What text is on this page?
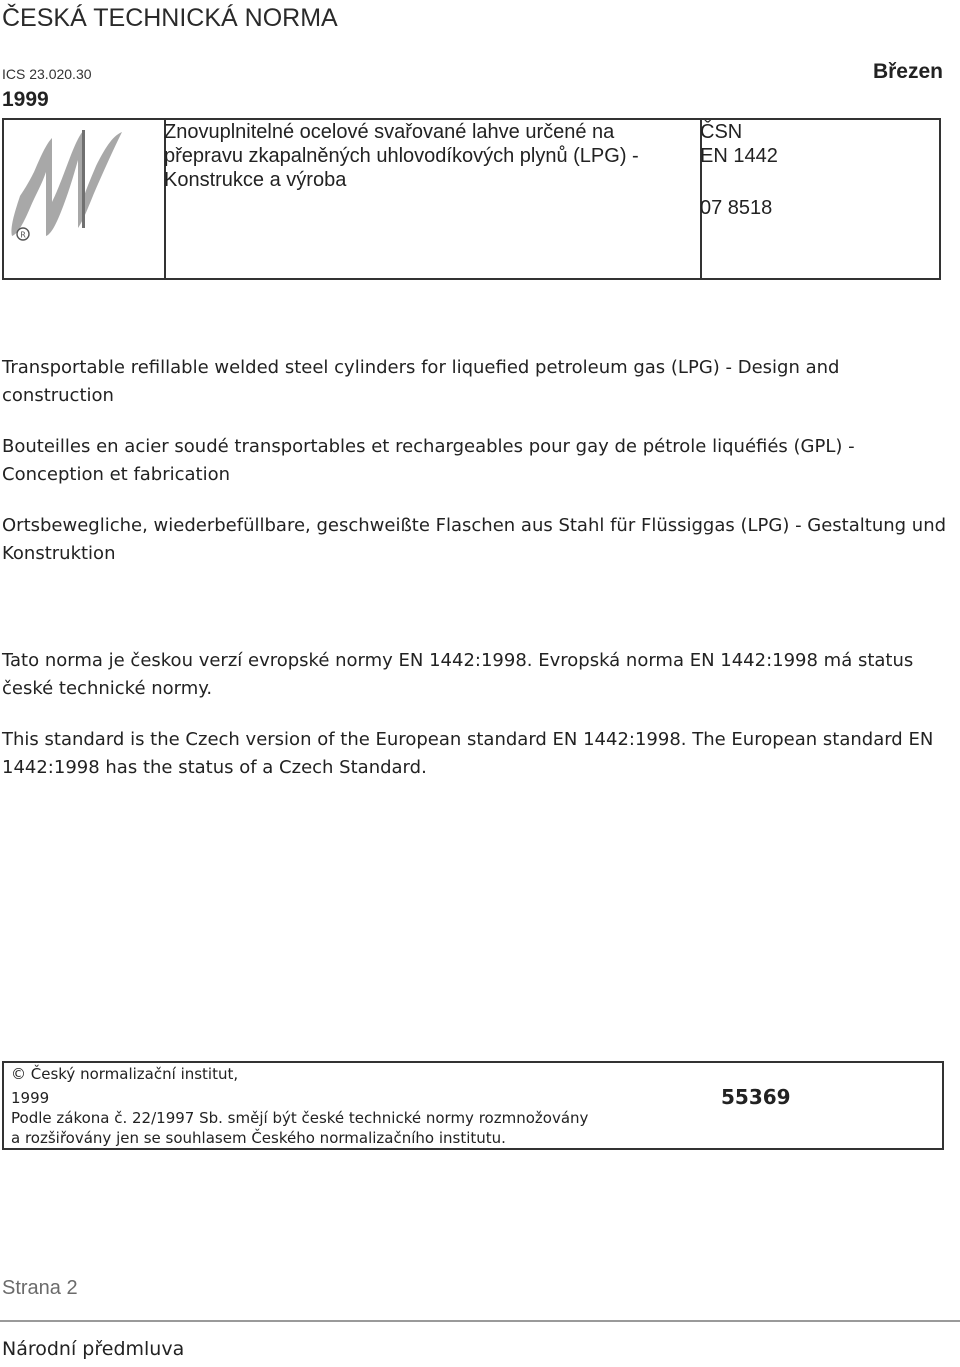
ČESKÁ TECHNICKÁ NORMA
ICS 23.020.30
1999
Březen
R
Znovuplnitelné ocelové svařované lahve určené na přepravu zkapalněných uhlovodíkových plynů (LPG) - Konstrukce a výroba
ČSN
EN 1442
07 8518
Transportable refillable welded steel cylinders for liquefied petroleum gas (LPG) - Design and construction
Bouteilles en acier soudé transportables et rechargeables pour gay de pétrole liquéfiés (GPL) - Conception et fabrication
Ortsbewegliche, wiederbefüllbare, geschweißte Flaschen aus Stahl für Flüssiggas (LPG) - Gestaltung und Konstruktion
Tato norma je českou verzí evropské normy EN 1442:1998. Evropská norma EN 1442:1998 má status české technické normy.
This standard is the Czech version of the European standard EN 1442:1998. The European standard EN 1442:1998 has the status of a Czech Standard.
© Český normalizační institut,
1999
Podle zákona č. 22/1997 Sb. smějí být české technické normy rozmnožovány
a rozšiřovány jen se souhlasem Českého normalizačního institutu.
55369
Strana 2
Národní předmluva
